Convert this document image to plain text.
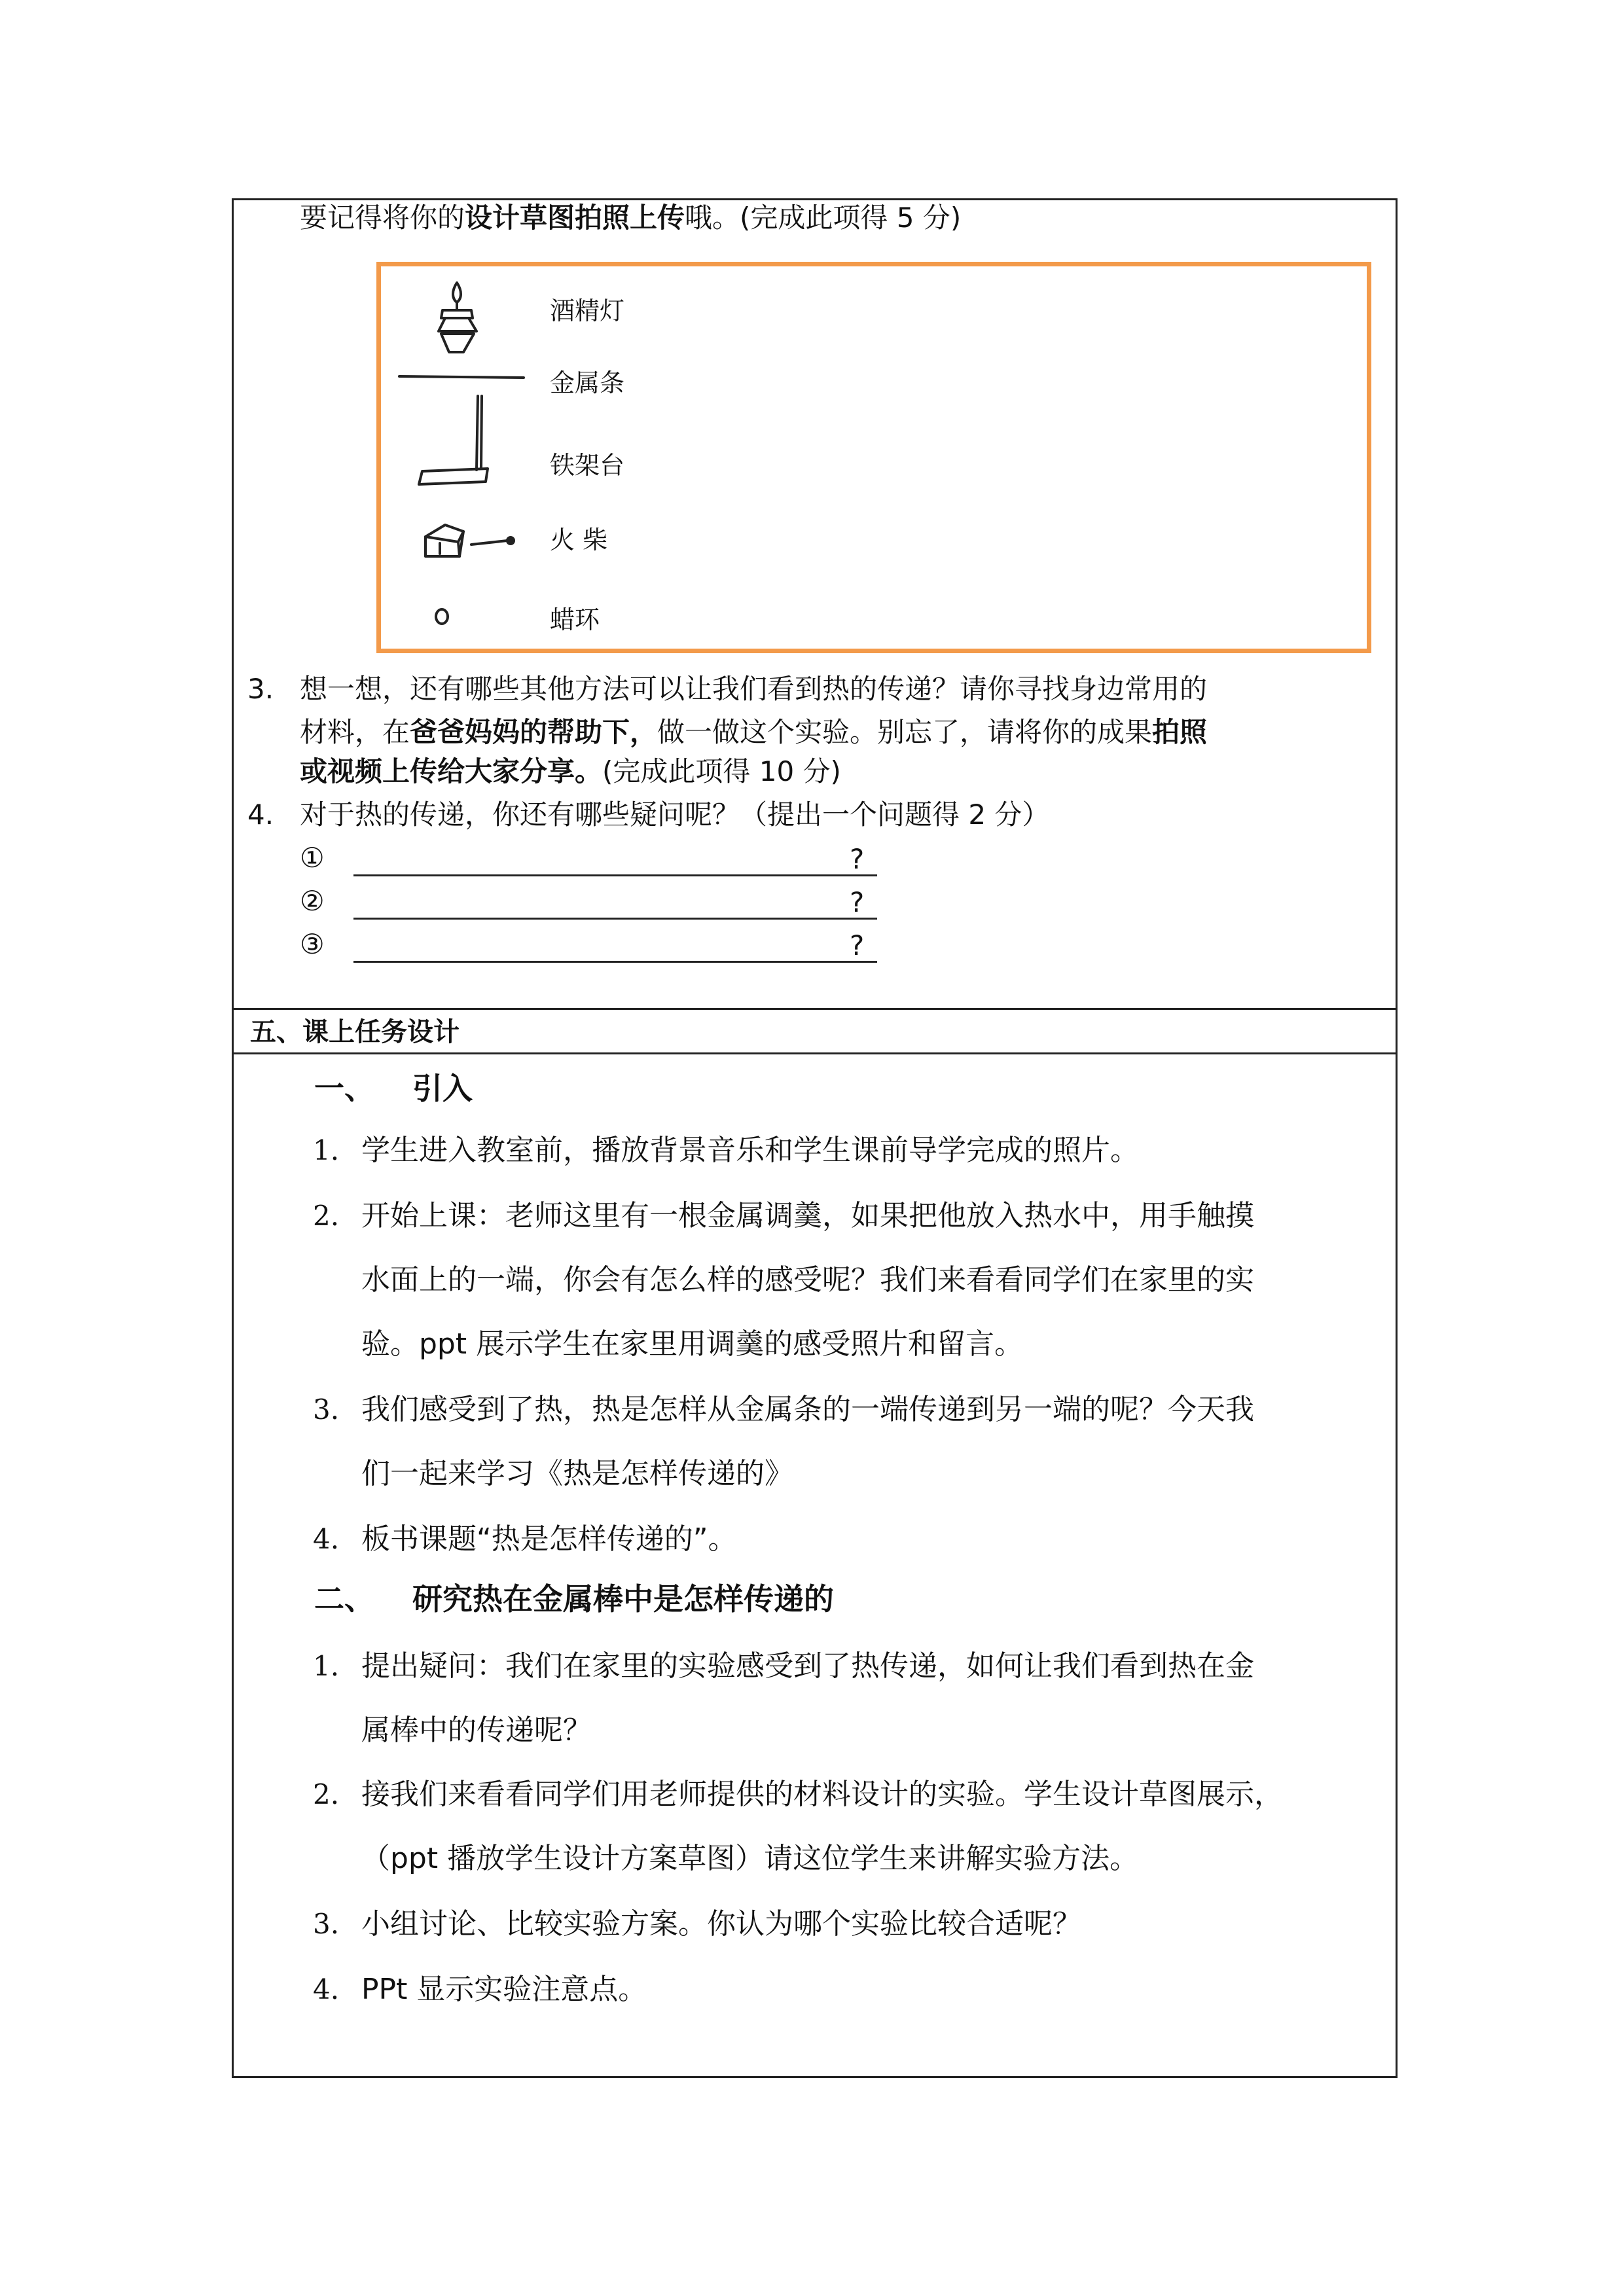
要记得将你的设计草图拍照上传哦。(完成此项得 5 分)
酒精灯
金属条
铁架台
火 柴
蜡环
3. 想一想，还有哪些其他方法可以让我们看到热的传递？请你寻找身边常用的
材料，在爸爸妈妈的帮助下，做一做这个实验。别忘了，请将你的成果拍照
或视频上传给大家分享。(完成此项得 10 分)
4. 对于热的传递，你还有哪些疑问呢？（提出一个问题得 2 分）
①	?
②	?
③	?
五、课上任务设计
一、 引入
1. 学生进入教室前，播放背景音乐和学生课前导学完成的照片。
2. 开始上课：老师这里有一根金属调羹，如果把他放入热水中，用手触摸
水面上的一端，你会有怎么样的感受呢？我们来看看同学们在家里的实
验。ppt 展示学生在家里用调羹的感受照片和留言。
3. 我们感受到了热，热是怎样从金属条的一端传递到另一端的呢？今天我
们一起来学习《热是怎样传递的》
4. 板书课题“热是怎样传递的”。
二、 研究热在金属棒中是怎样传递的
1. 提出疑问：我们在家里的实验感受到了热传递，如何让我们看到热在金
属棒中的传递呢？
2. 接我们来看看同学们用老师提供的材料设计的实验。学生设计草图展示，
（ppt 播放学生设计方案草图）请这位学生来讲解实验方法。
3. 小组讨论、比较实验方案。你认为哪个实验比较合适呢？
4. PPt 显示实验注意点。
